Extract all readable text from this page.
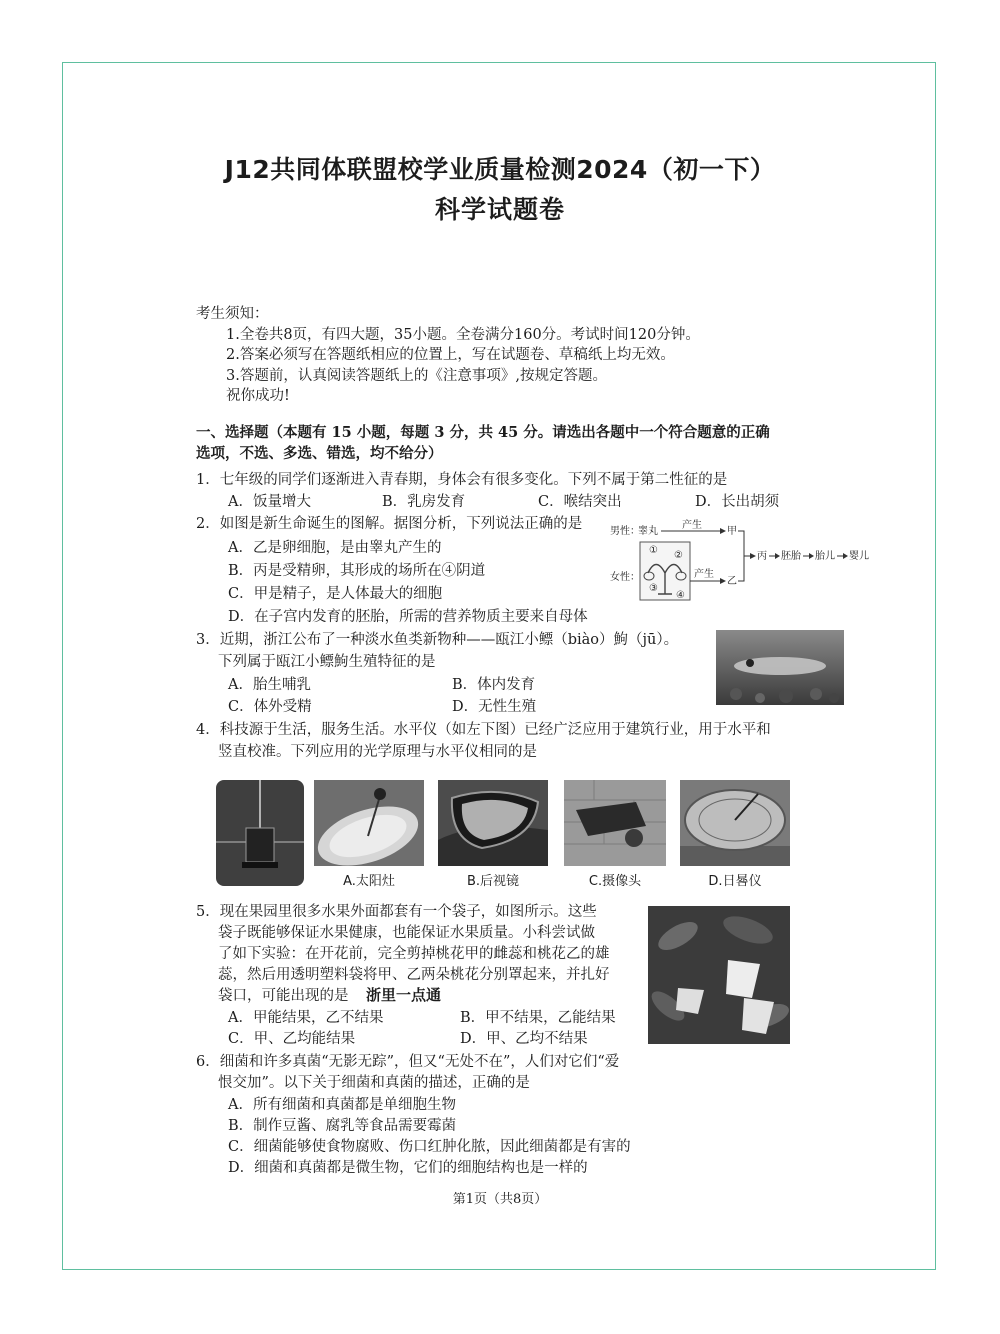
J12共同体联盟校学业质量检测2024（初一下）
科学试题卷
考生须知：
1.全卷共8页，有四大题，35小题。全卷满分160分。考试时间120分钟。
2.答案必须写在答题纸相应的位置上，写在试题卷、草稿纸上均无效。
3.答题前，认真阅读答题纸上的《注意事项》,按规定答题。
祝你成功!
一、选择题（本题有 15 小题，每题 3 分，共 45 分。请选出各题中一个符合题意的正确
选项，不选、多选、错选，均不给分）
1．七年级的同学们逐渐进入青春期，身体会有很多变化。下列不属于第二性征的是
A．饭量增大	B．乳房发育	C．喉结突出	D．长出胡须
2．如图是新生命诞生的图解。据图分析，下列说法正确的是
A．乙是卵细胞，是由睾丸产生的
B．丙是受精卵，其形成的场所在④阴道
C．甲是精子，是人体最大的细胞
D．在子宫内发育的胚胎，所需的营养物质主要来自母体
男性：
睾丸
产生
甲
女性：
① ②
③
④
产生
乙
丙 胚胎 胎儿 婴儿
3．近期，浙江公布了一种淡水鱼类新物种——瓯江小鳔（biào）鮈（jū）。
下列属于瓯江小鳔鮈生殖特征的是
A．胎生哺乳	B．体内发育
C．体外受精	D．无性生殖
4．科技源于生活，服务生活。水平仪（如左下图）已经广泛应用于建筑行业，用于水平和
竖直校准。下列应用的光学原理与水平仪相同的是
A.太阳灶	B.后视镜	C.摄像头	D.日晷仪
5．现在果园里很多水果外面都套有一个袋子，如图所示。这些
袋子既能够保证水果健康，也能保证水果质量。小科尝试做
了如下实验：在开花前，完全剪掉桃花甲的雌蕊和桃花乙的雄
蕊，然后用透明塑料袋将甲、乙两朵桃花分别罩起来，并扎好
袋口，可能出现的是 浙里一点通
A．甲能结果，乙不结果	B．甲不结果，乙能结果
C．甲、乙均能结果	D．甲、乙均不结果
6．细菌和许多真菌“无影无踪”，但又“无处不在”，人们对它们“爱
恨交加”。以下关于细菌和真菌的描述，正确的是
A．所有细菌和真菌都是单细胞生物
B．制作豆酱、腐乳等食品需要霉菌
C．细菌能够使食物腐败、伤口红肿化脓，因此细菌都是有害的
D．细菌和真菌都是微生物，它们的细胞结构也是一样的
第1页（共8页）
